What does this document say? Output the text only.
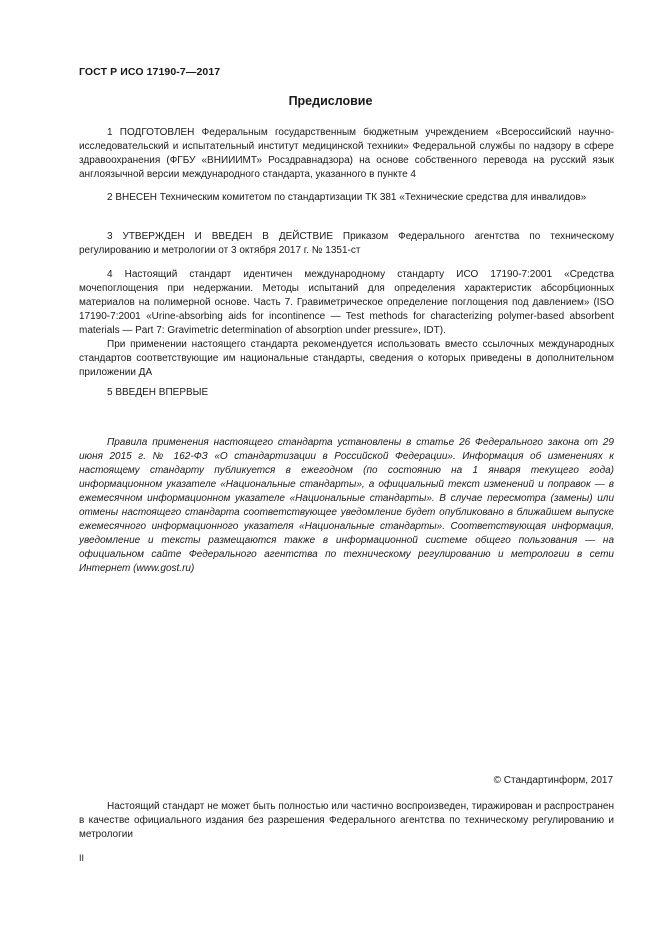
ГОСТ Р ИСО 17190-7—2017
Предисловие

1 ПОДГОТОВЛЕН Федеральным государственным бюджетным учреждением «Всероссийский научно-исследовательский и испытательный институт медицинской техники» Федеральной службы по надзору в сфере здравоохранения (ФГБУ «ВНИИИМТ» Росздравнадзора) на основе собственного перевода на русский язык англоязычной версии международного стандарта, указанного в пункте 4

2 ВНЕСЕН Техническим комитетом по стандартизации ТК 381 «Технические средства для инвалидов»

3 УТВЕРЖДЕН И ВВЕДЕН В ДЕЙСТВИЕ Приказом Федерального агентства по техническому регулированию и метрологии от 3 октября 2017 г. № 1351-ст

4 Настоящий стандарт идентичен международному стандарту ИСО 17190-7:2001 «Средства мочепоглощения при недержании. Методы испытаний для определения характеристик абсорбционных материалов на полимерной основе. Часть 7. Гравиметрическое определение поглощения под давлением» (ISO 17190-7:2001 «Urine-absorbing aids for incontinence — Test methods for characterizing polymer-based absorbent materials — Part 7: Gravimetric determination of absorption under pressure», IDT).

При применении настоящего стандарта рекомендуется использовать вместо ссылочных международных стандартов соответствующие им национальные стандарты, сведения о которых приведены в дополнительном приложении ДА

5 ВВЕДЕН ВПЕРВЫЕ

Правила применения настоящего стандарта установлены в статье 26 Федерального закона от 29 июня 2015 г. № 162-ФЗ «О стандартизации в Российской Федерации». Информация об изменениях к настоящему стандарту публикуется в ежегодном (по состоянию на 1 января текущего года) информационном указателе «Национальные стандарты», а официальный текст изменений и поправок — в ежемесячном информационном указателе «Национальные стандарты». В случае пересмотра (замены) или отмены настоящего стандарта соответствующее уведомление будет опубликовано в ближайшем выпуске ежемесячного информационного указателя «Национальные стандарты». Соответствующая информация, уведомление и тексты размещаются также в информационной системе общего пользования — на официальном сайте Федерального агентства по техническому регулированию и метрологии в сети Интернет (www.gost.ru)

© Стандартинформ, 2017

Настоящий стандарт не может быть полностью или частично воспроизведен, тиражирован и распространен в качестве официального издания без разрешения Федерального агентства по техническому регулированию и метрологии

II
